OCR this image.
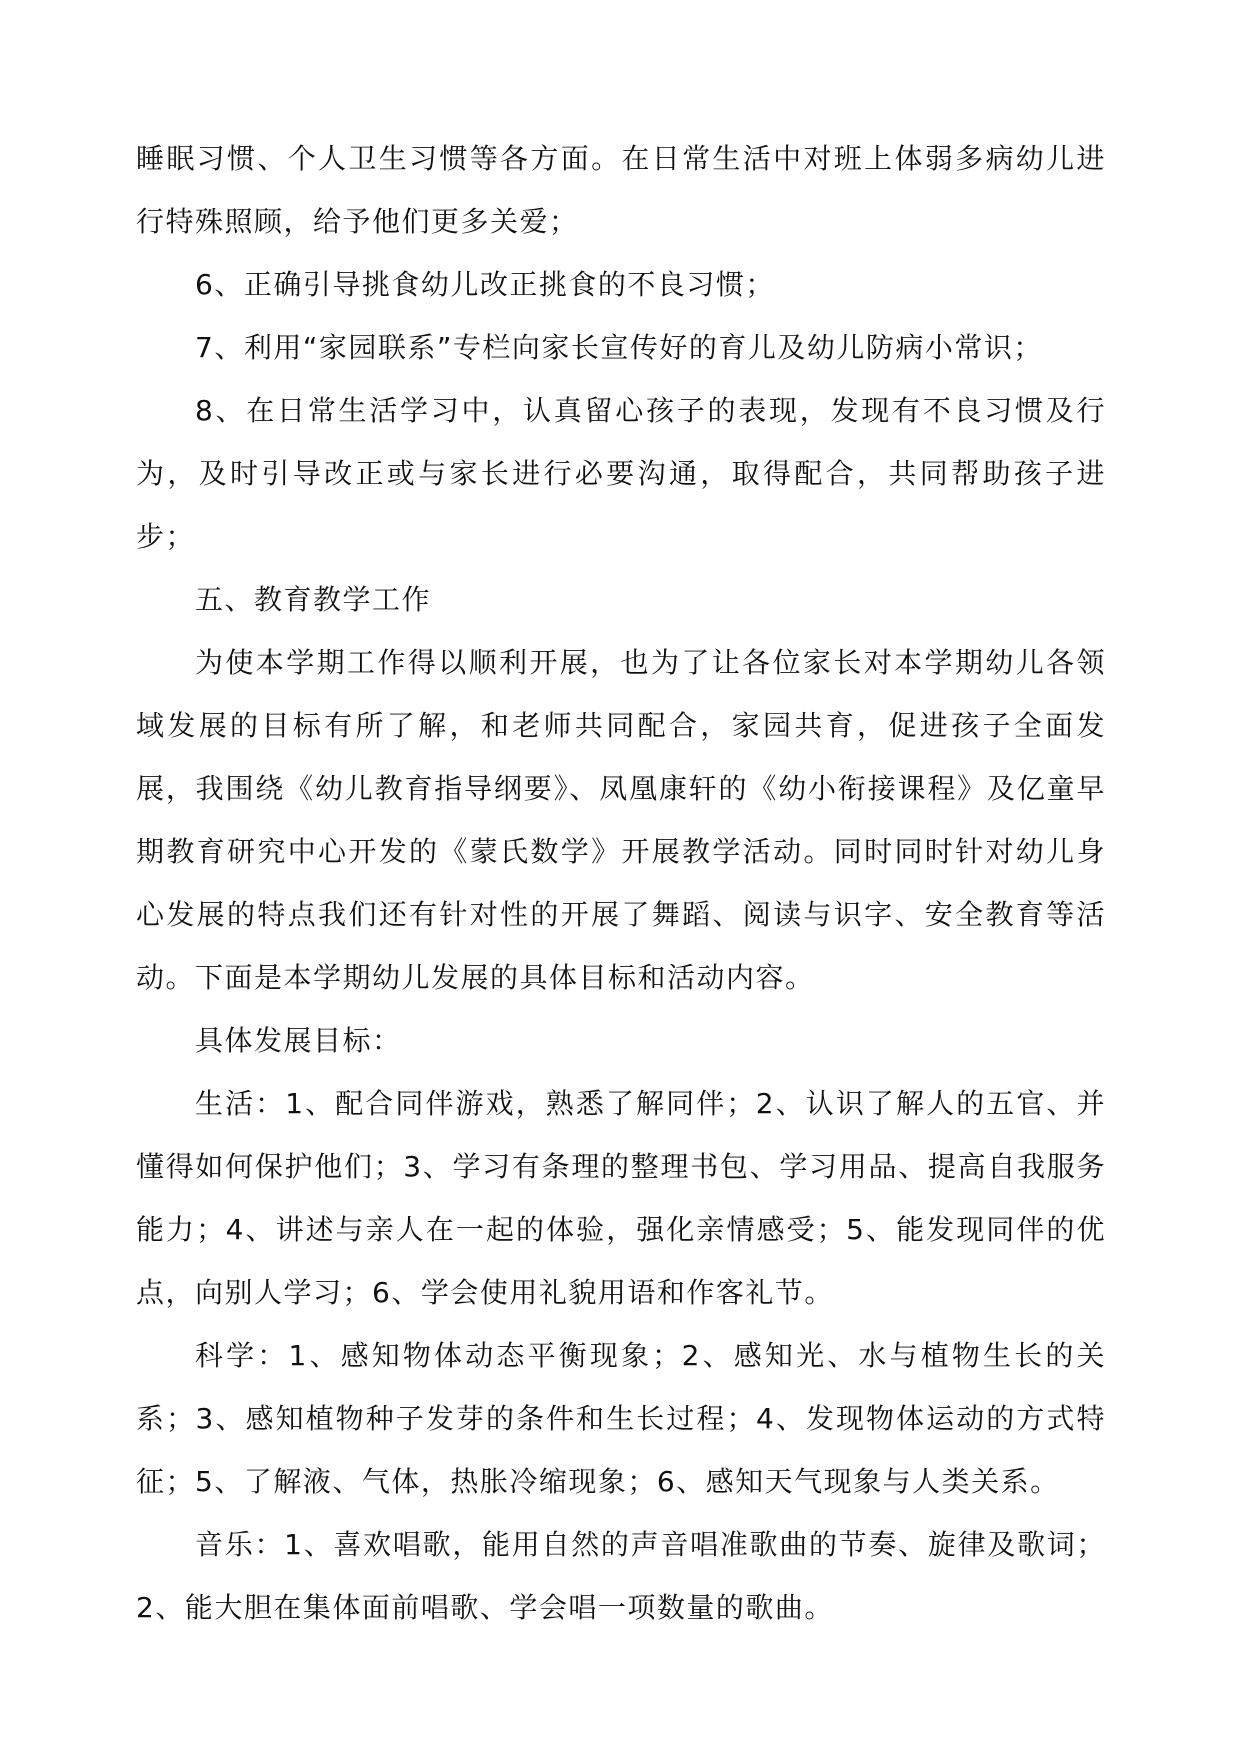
睡眠习惯、个人卫生习惯等各方面。在日常生活中对班上体弱多病幼儿进行特殊照顾，给予他们更多关爱；

6、正确引导挑食幼儿改正挑食的不良习惯；

7、利用“家园联系”专栏向家长宣传好的育儿及幼儿防病小常识；

8、在日常生活学习中，认真留心孩子的表现，发现有不良习惯及行为，及时引导改正或与家长进行必要沟通，取得配合，共同帮助孩子进步；

五、教育教学工作

为使本学期工作得以顺利开展，也为了让各位家长对本学期幼儿各领域发展的目标有所了解，和老师共同配合，家园共育，促进孩子全面发展，我围绕《幼儿教育指导纲要》、凤凰康轩的《幼小衔接课程》及亿童早期教育研究中心开发的《蒙氏数学》开展教学活动。同时同时针对幼儿身心发展的特点我们还有针对性的开展了舞蹈、阅读与识字、安全教育等活动。下面是本学期幼儿发展的具体目标和活动内容。

具体发展目标：

生活：1、配合同伴游戏，熟悉了解同伴；2、认识了解人的五官、并懂得如何保护他们；3、学习有条理的整理书包、学习用品、提高自我服务能力；4、讲述与亲人在一起的体验，强化亲情感受；5、能发现同伴的优点，向别人学习；6、学会使用礼貌用语和作客礼节。

科学：1、感知物体动态平衡现象；2、感知光、水与植物生长的关系；3、感知植物种子发芽的条件和生长过程；4、发现物体运动的方式特征；5、了解液、气体，热胀冷缩现象；6、感知天气现象与人类关系。

音乐：1、喜欢唱歌，能用自然的声音唱准歌曲的节奏、旋律及歌词；2、能大胆在集体面前唱歌、学会唱一项数量的歌曲。
